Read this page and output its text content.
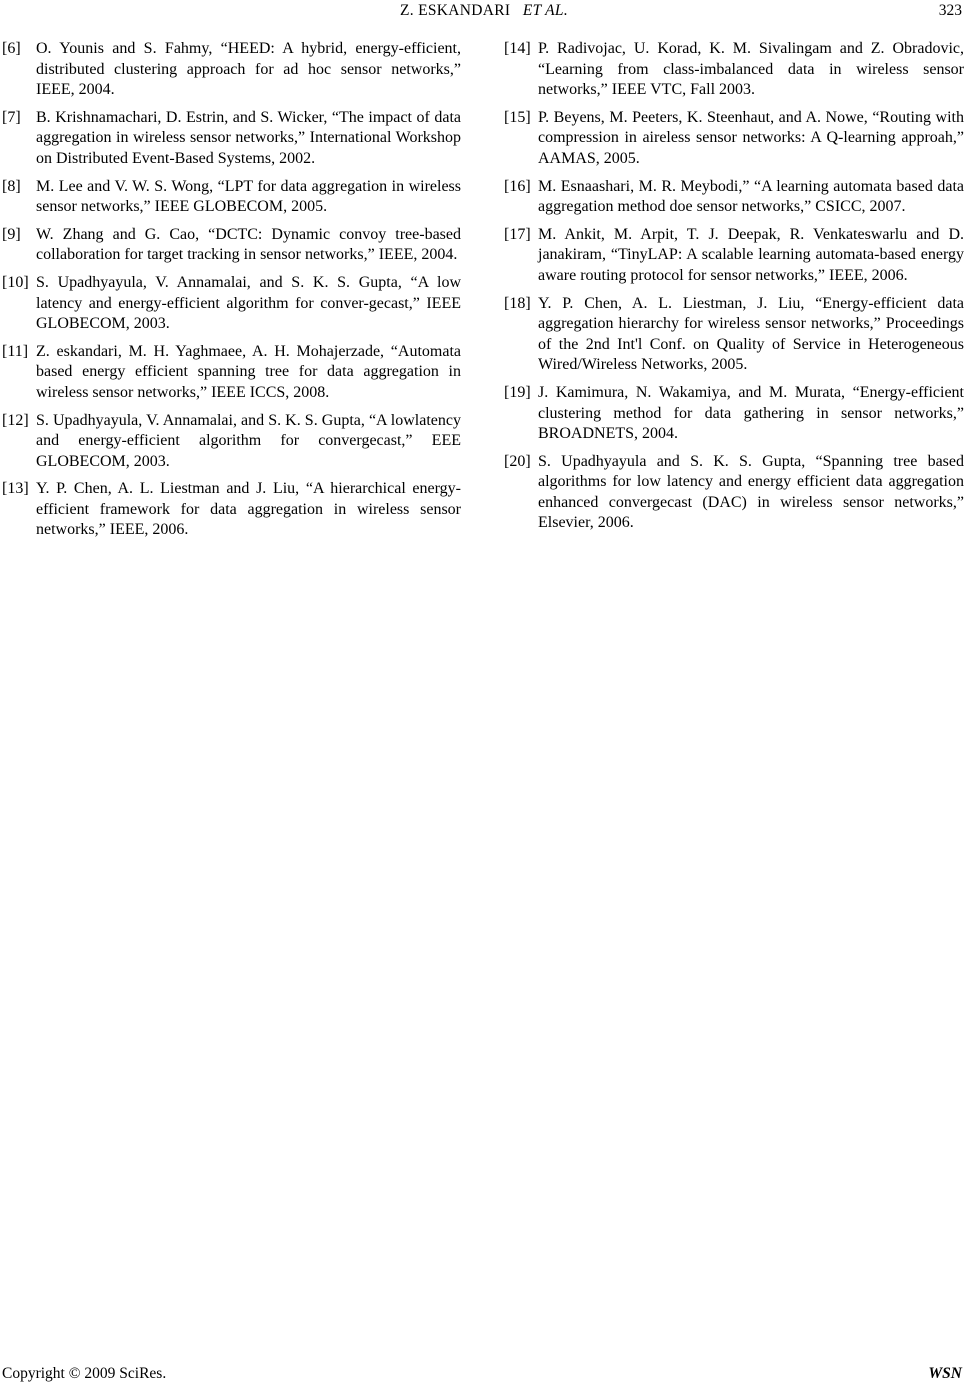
Z. ESKANDARI ET AL.	323
[6] O. Younis and S. Fahmy, “HEED: A hybrid, energy-efficient, distributed clustering approach for ad hoc sensor networks,” IEEE, 2004.
[7] B. Krishnamachari, D. Estrin, and S. Wicker, “The impact of data aggregation in wireless sensor networks,” International Workshop on Distributed Event-Based Systems, 2002.
[8] M. Lee and V. W. S. Wong, “LPT for data aggregation in wireless sensor networks,” IEEE GLOBECOM, 2005.
[9] W. Zhang and G. Cao, “DCTC: Dynamic convoy tree-based collaboration for target tracking in sensor networks,” IEEE, 2004.
[10] S. Upadhyayula, V. Annamalai, and S. K. S. Gupta, “A low latency and energy-efficient algorithm for conver-gecast,” IEEE GLOBECOM, 2003.
[11] Z. eskandari, M. H. Yaghmaee, A. H. Mohajerzade, “Automata based energy efficient spanning tree for data aggregation in wireless sensor networks,” IEEE ICCS, 2008.
[12] S. Upadhyayula, V. Annamalai, and S. K. S. Gupta, “A lowlatency and energy-efficient algorithm for convergecast,” EEE GLOBECOM, 2003.
[13] Y. P. Chen, A. L. Liestman and J. Liu, “A hierarchical energy-efficient framework for data aggregation in wireless sensor networks,” IEEE, 2006.
[14] P. Radivojac, U. Korad, K. M. Sivalingam and Z. Obradovic, “Learning from class-imbalanced data in wireless sensor networks,” IEEE VTC, Fall 2003.
[15] P. Beyens, M. Peeters, K. Steenhaut, and A. Nowe, “Routing with compression in aireless sensor networks: A Q-learning approah,” AAMAS, 2005.
[16] M. Esnaashari, M. R. Meybodi,” “A learning automata based data aggregation method doe sensor networks,” CSICC, 2007.
[17] M. Ankit, M. Arpit, T. J. Deepak, R. Venkateswarlu and D. janakiram, “TinyLAP: A scalable learning automata-based energy aware routing protocol for sensor networks,” IEEE, 2006.
[18] Y. P. Chen, A. L. Liestman, J. Liu, “Energy-efficient data aggregation hierarchy for wireless sensor networks,” Proceedings of the 2nd Int'l Conf. on Quality of Service in Heterogeneous Wired/Wireless Networks, 2005.
[19] J. Kamimura, N. Wakamiya, and M. Murata, “Energy-efficient clustering method for data gathering in sensor networks,” BROADNETS, 2004.
[20] S. Upadhyayula and S. K. S. Gupta, “Spanning tree based algorithms for low latency and energy efficient data aggregation enhanced convergecast (DAC) in wireless sensor networks,” Elsevier, 2006.
Copyright © 2009 SciRes.	WSN
